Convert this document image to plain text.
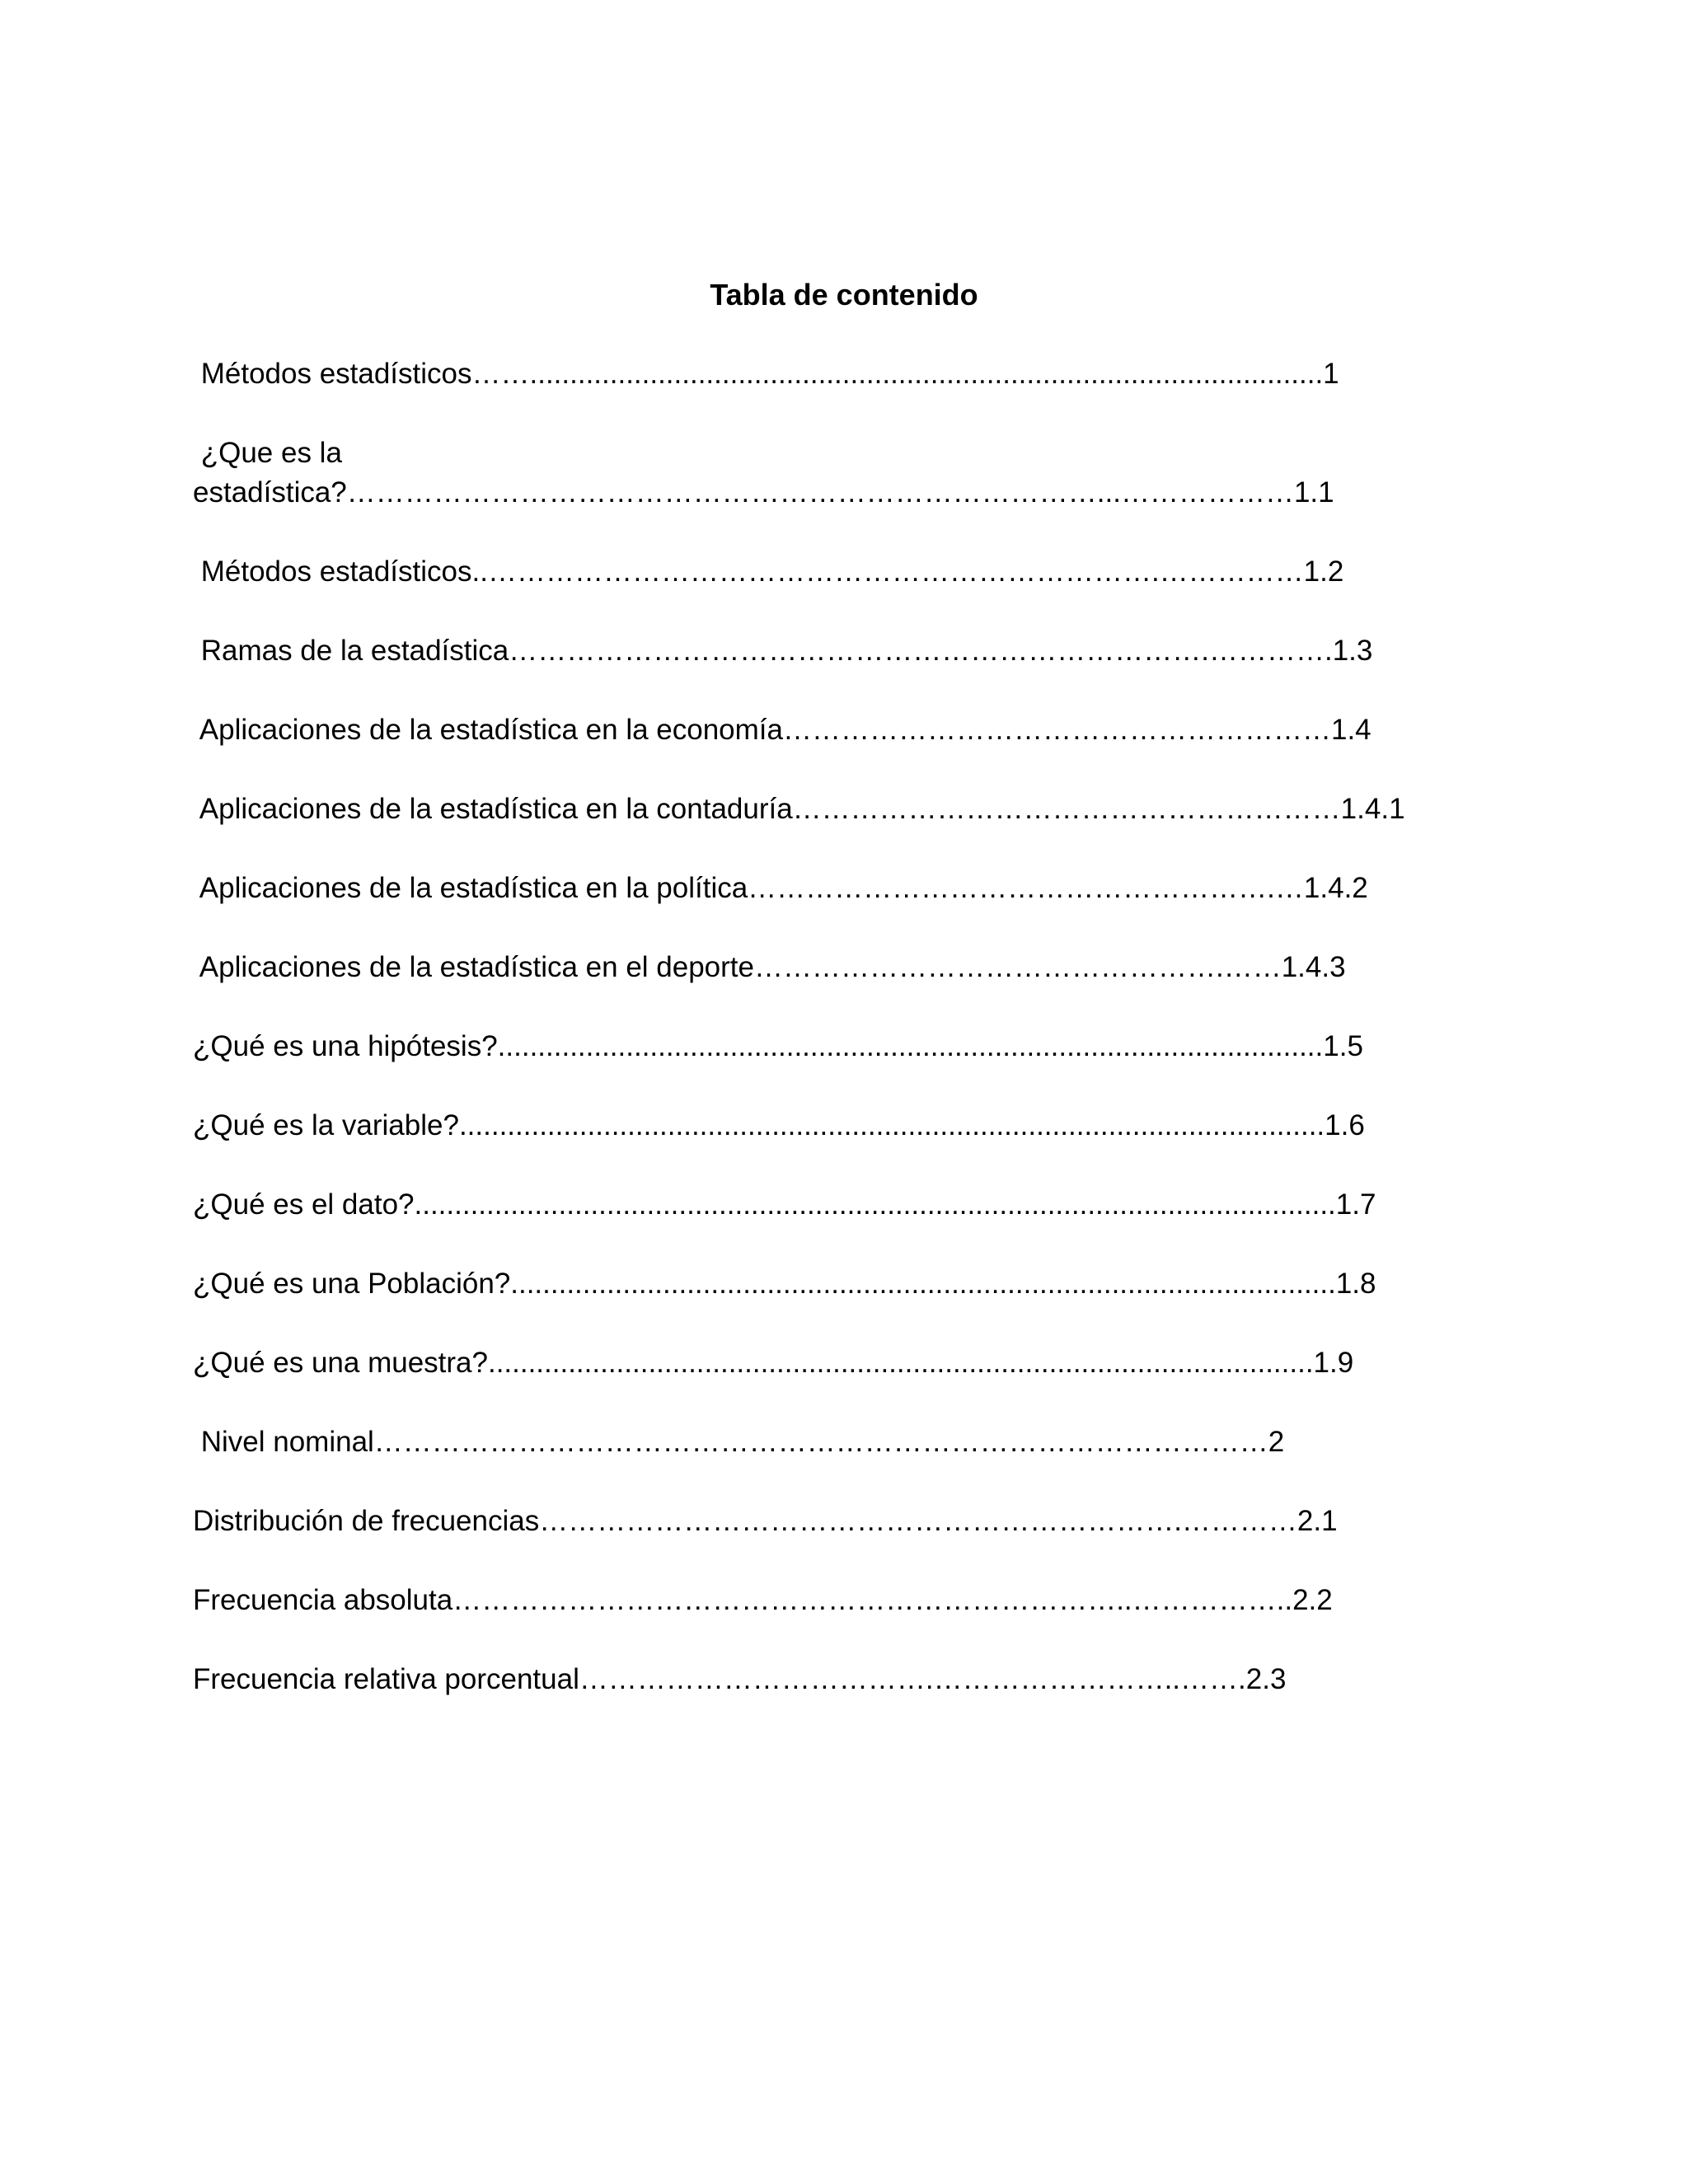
Tabla de contenido
Métodos estadísticos……...................................................................................................1
¿Que es la
estadística?……………………………………………………………………...………………1.1
Métodos estadísticos..…………………………………………………………….……………1.2
Ramas de la estadística……………………………………………………………….………….1.3
Aplicaciones de la estadística en la economía…………………………………………………1.4
Aplicaciones de la estadística en la contaduría…………………………………………………1.4.1
Aplicaciones de la estadística en la política……………………………………………….…1.4.2
Aplicaciones de la estadística en el deporte………………………………………….……1.4.3
¿Qué es una hipótesis?.......................................................................................................1.5
¿Qué es la variable?............................................................................................................1.6
¿Qué es el dato?...................................................................................................................1.7
¿Qué es una Población?.......................................................................................................1.8
¿Qué es una muestra?.......................................................................................................1.9
Nivel nominal…………………………………………………………………………………2
Distribución de frecuencias………………………………………………………….…………2.1
Frecuencia absoluta……………………………………………………………..……………..2.2
Frecuencia relativa porcentual……………………………….……………………..…….2.3
